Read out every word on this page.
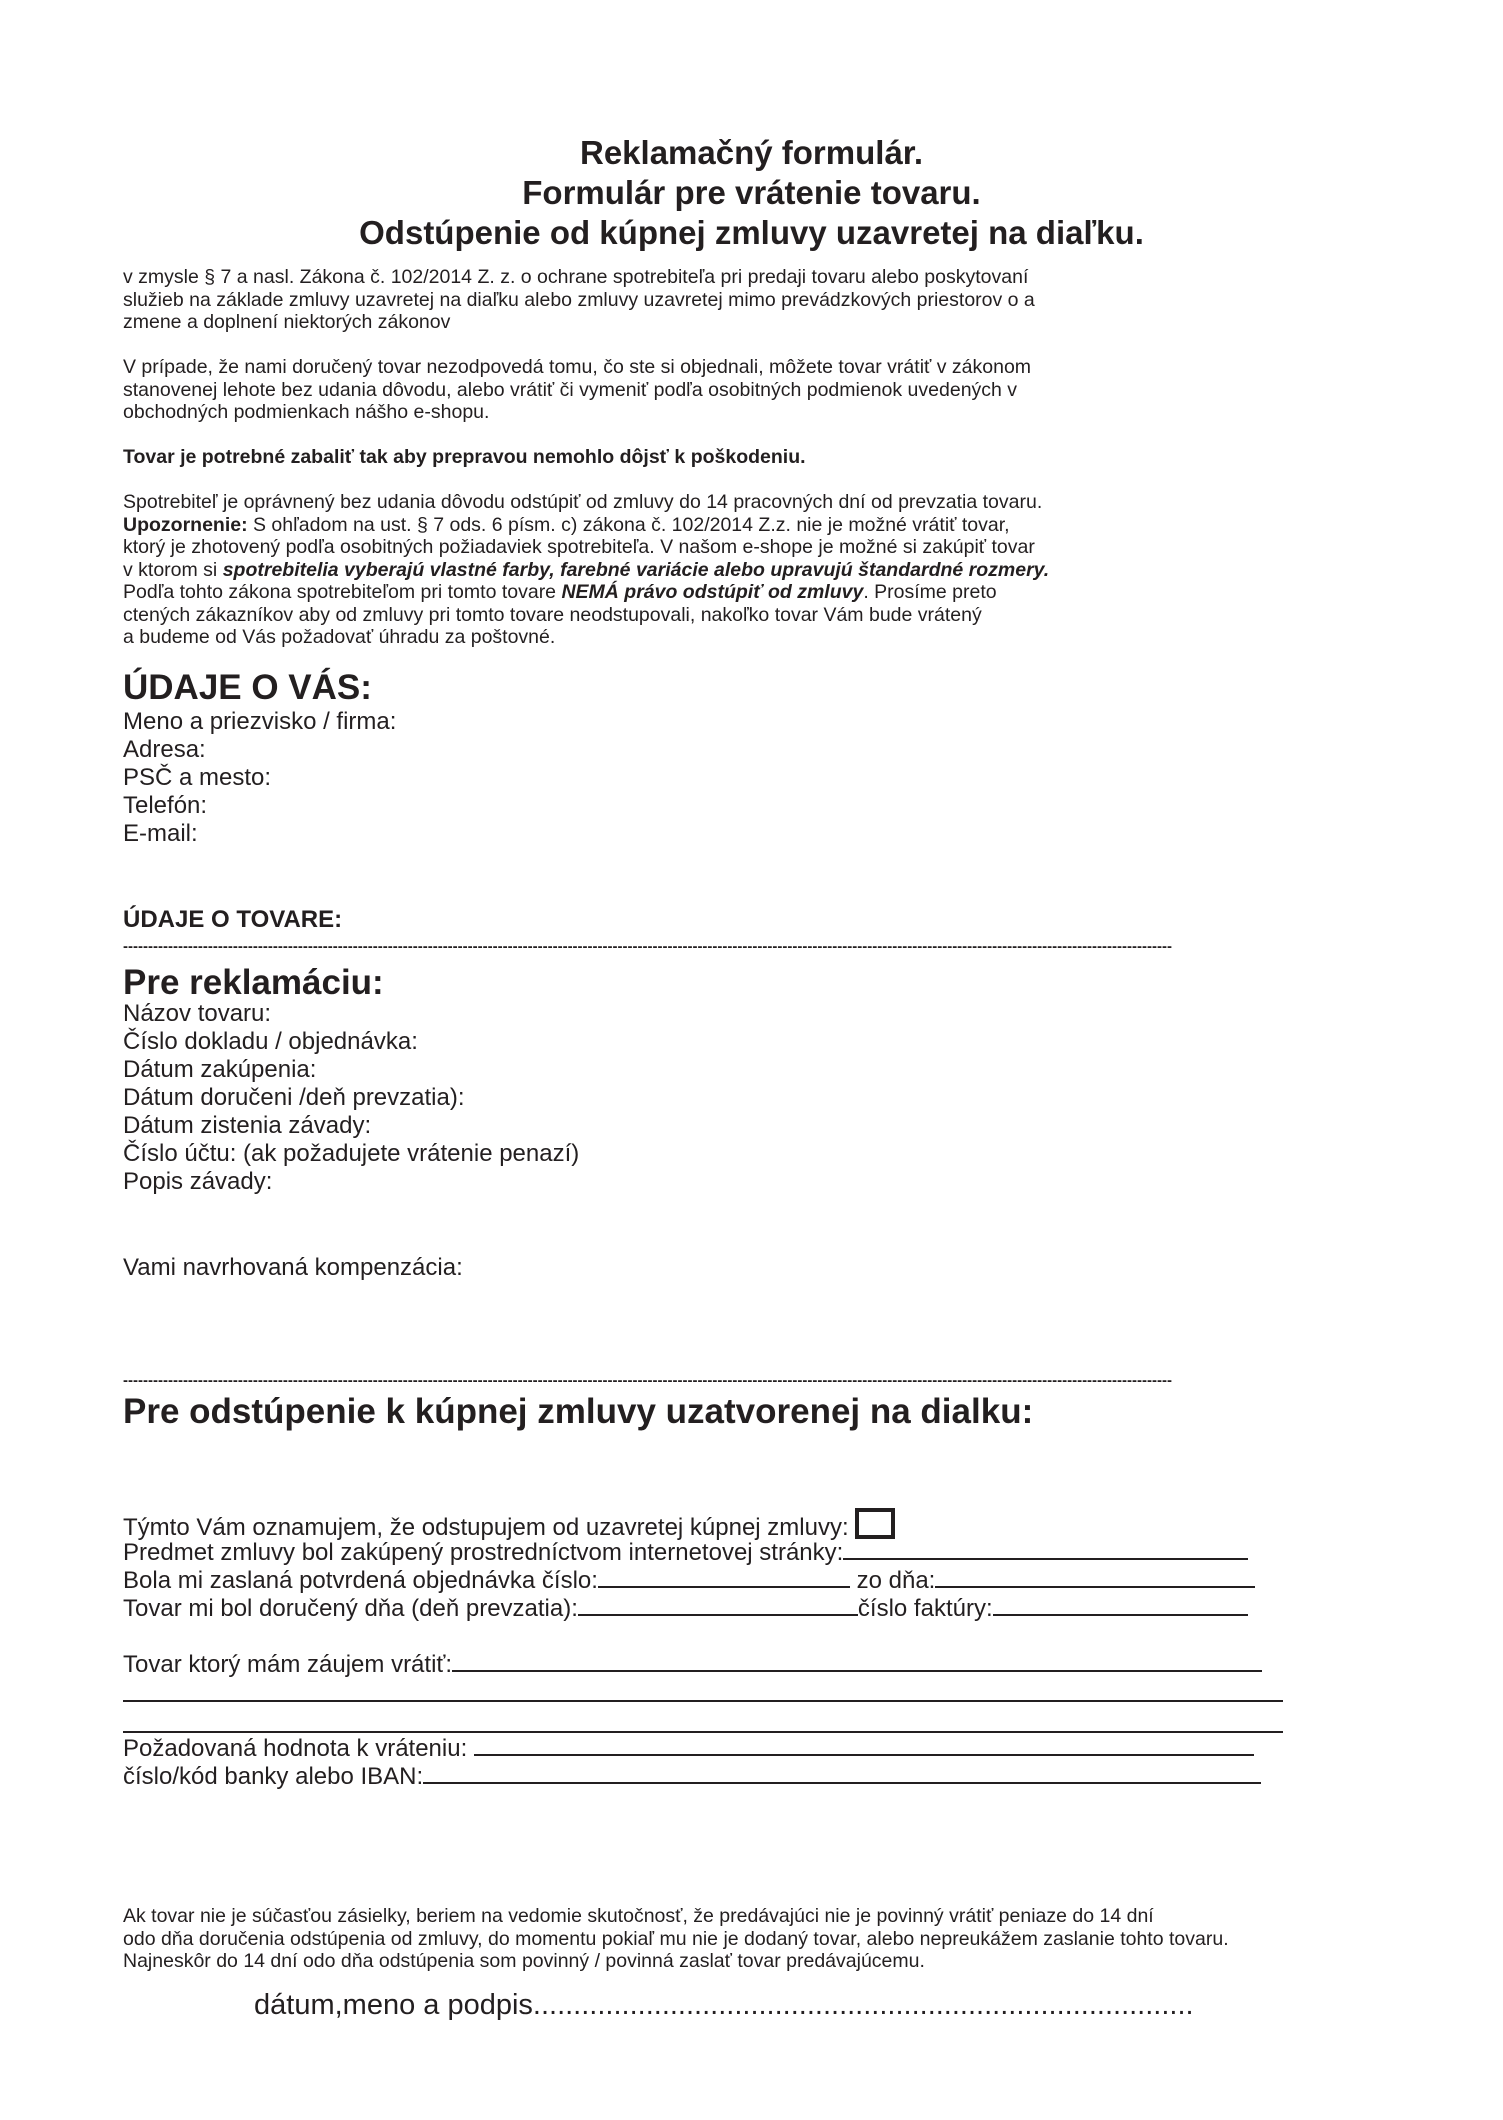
Reklamačný formulár.
Formulár pre vrátenie tovaru.
Odstúpenie od kúpnej zmluvy uzavretej na diaľku.
v zmysle § 7 a nasl. Zákona č. 102/2014 Z. z. o ochrane spotrebiteľa pri predaji tovaru alebo poskytovaní
služieb na základe zmluvy uzavretej na diaľku alebo zmluvy uzavretej mimo prevádzkových priestorov o a
zmene a doplnení niektorých zákonov
V prípade, že nami doručený tovar nezodpovedá tomu, čo ste si objednali, môžete tovar vrátiť v zákonom
stanovenej lehote bez udania dôvodu, alebo vrátiť či vymeniť podľa osobitných podmienok uvedených v
obchodných podmienkach nášho e-shopu.
Tovar je potrebné zabaliť tak aby prepravou nemohlo dôjsť k poškodeniu.
Spotrebiteľ je oprávnený bez udania dôvodu odstúpiť od zmluvy do 14 pracovných dní od prevzatia tovaru.
Upozornenie: S ohľadom na ust. § 7 ods. 6 písm. c) zákona č. 102/2014 Z.z. nie je možné vrátiť tovar,
ktorý je zhotovený podľa osobitných požiadaviek spotrebiteľa. V našom e-shope je možné si zakúpiť tovar
v ktorom si spotrebitelia vyberajú vlastné farby, farebné variácie alebo upravujú štandardné rozmery.
Podľa tohto zákona spotrebiteľom pri tomto tovare NEMÁ právo odstúpiť od zmluvy. Prosíme preto
ctených zákazníkov aby od zmluvy pri tomto tovare neodstupovali, nakoľko tovar Vám bude vrátený
a budeme od Vás požadovať úhradu za poštovné.
ÚDAJE O VÁS:
Meno a priezvisko / firma:
Adresa:
PSČ a mesto:
Telefón:
E-mail:
ÚDAJE O TOVARE:
------------------------------------------------------------------------------------------------------------------------------------------------------------------------------------------------------------------
Pre reklamáciu:
Názov tovaru:
Číslo dokladu / objednávka:
Dátum zakúpenia:
Dátum doručeni /deň prevzatia):
Dátum zistenia závady:
Číslo účtu: (ak požadujete vrátenie penazí)
Popis závady:
Vami navrhovaná kompenzácia:
------------------------------------------------------------------------------------------------------------------------------------------------------------------------------------------------------------------
Pre odstúpenie k kúpnej zmluvy uzatvorenej na dialku:
Týmto Vám oznamujem, že odstupujem od uzavretej kúpnej zmluvy:
Predmet zmluvy bol zakúpený prostredníctvom internetovej stránky:
Bola mi zaslaná potvrdená objednávka číslo:	zo dňa:
Tovar mi bol doručený dňa (deň prevzatia):	číslo faktúry:
Tovar ktorý mám záujem vrátiť:
Požadovaná hodnota k vráteniu:
číslo/kód banky alebo IBAN:
Ak tovar nie je súčasťou zásielky, beriem na vedomie skutočnosť, že predávajúci nie je povinný vrátiť peniaze do 14 dní
odo dňa doručenia odstúpenia od zmluvy, do momentu pokiaľ mu nie je dodaný tovar, alebo nepreukážem zaslanie tohto tovaru.
Najneskôr do 14 dní odo dňa odstúpenia som povinný / povinná zaslať tovar predávajúcemu.
dátum,meno a podpis..................................................................................
